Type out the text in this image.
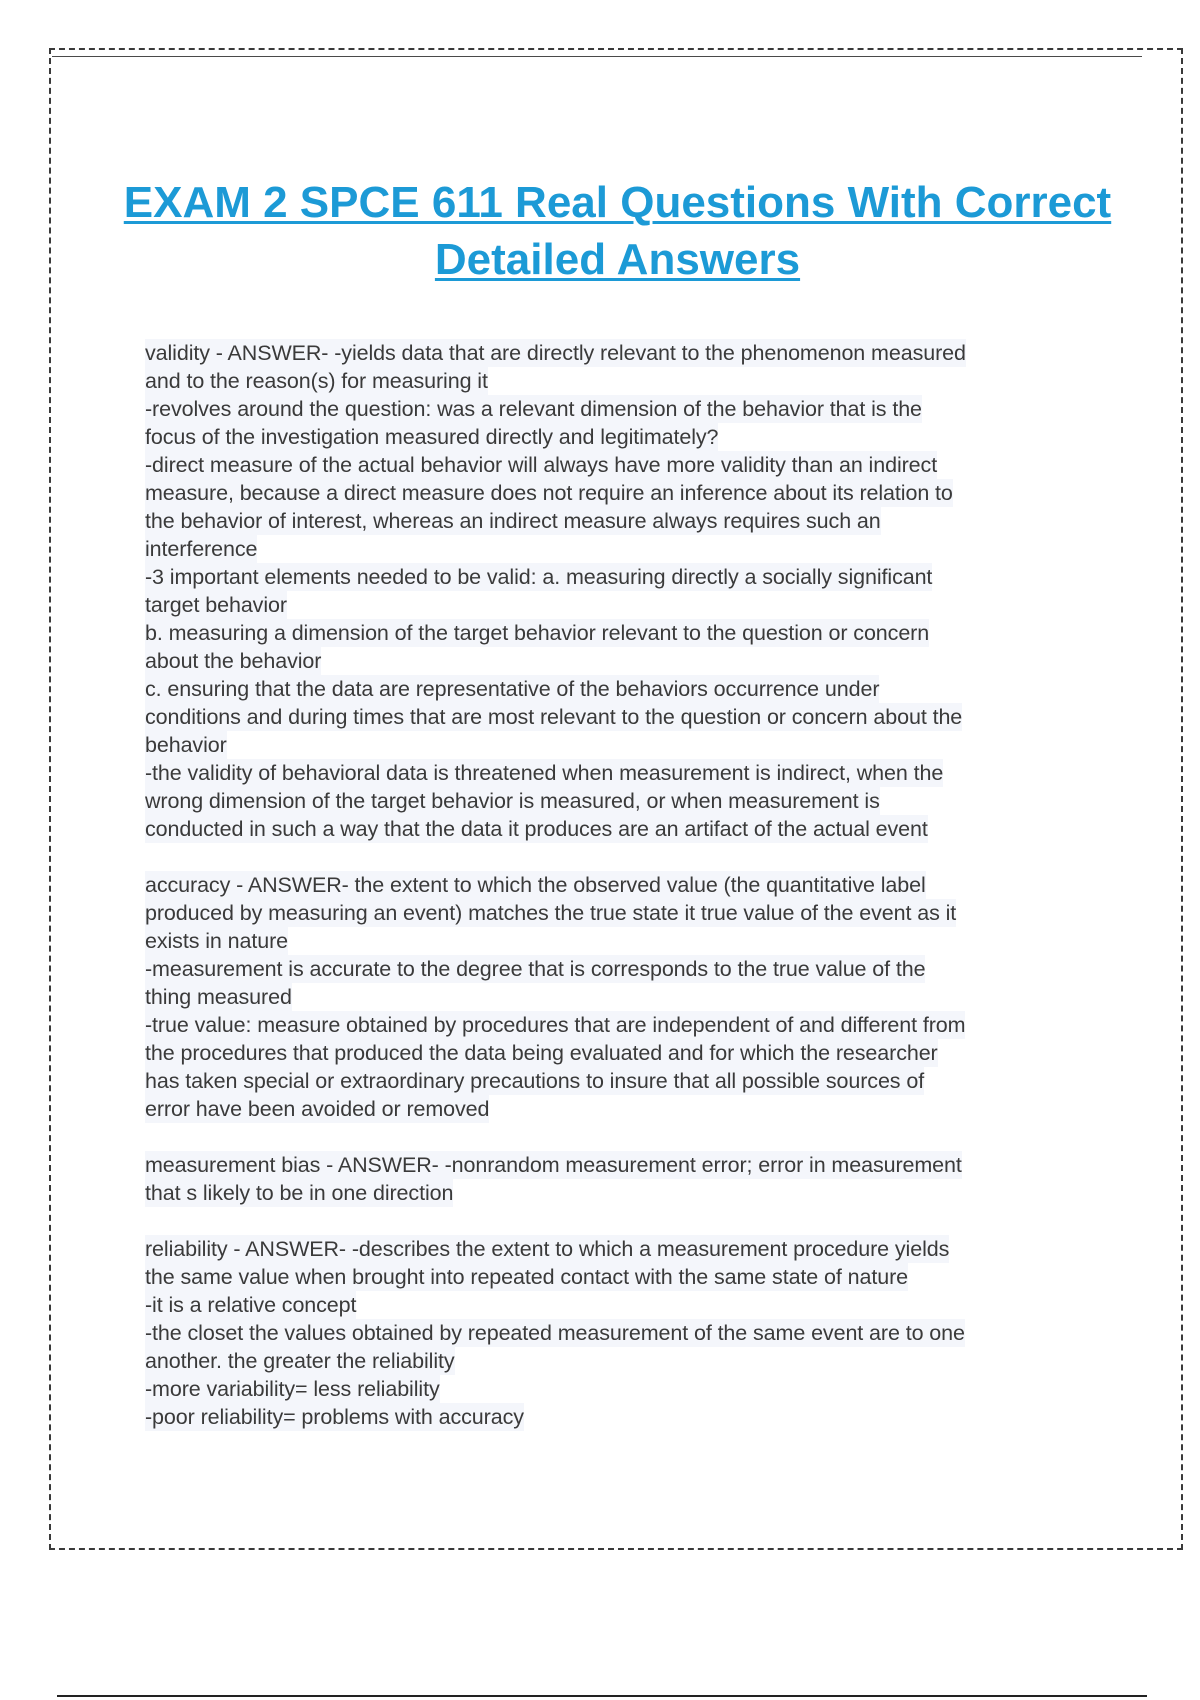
EXAM 2 SPCE 611 Real Questions With Correct Detailed Answers
validity - ANSWER- -yields data that are directly relevant to the phenomenon measured
and to the reason(s) for measuring it
-revolves around the question: was a relevant dimension of the behavior that is the
focus of the investigation measured directly and legitimately?
-direct measure of the actual behavior will always have more validity than an indirect
measure, because a direct measure does not require an inference about its relation to
the behavior of interest, whereas an indirect measure always requires such an
interference
-3 important elements needed to be valid: a. measuring directly a socially significant
target behavior
b. measuring a dimension of the target behavior relevant to the question or concern
about the behavior
c. ensuring that the data are representative of the behaviors occurrence under
conditions and during times that are most relevant to the question or concern about the
behavior
-the validity of behavioral data is threatened when measurement is indirect, when the
wrong dimension of the target behavior is measured, or when measurement is
conducted in such a way that the data it produces are an artifact of the actual event
accuracy - ANSWER- the extent to which the observed value (the quantitative label
produced by measuring an event) matches the true state it true value of the event as it
exists in nature
-measurement is accurate to the degree that is corresponds to the true value of the
thing measured
-true value: measure obtained by procedures that are independent of and different from
the procedures that produced the data being evaluated and for which the researcher
has taken special or extraordinary precautions to insure that all possible sources of
error have been avoided or removed
measurement bias - ANSWER- -nonrandom measurement error; error in measurement
that s likely to be in one direction
reliability - ANSWER- -describes the extent to which a measurement procedure yields
the same value when brought into repeated contact with the same state of nature
-it is a relative concept
-the closet the values obtained by repeated measurement of the same event are to one
another. the greater the reliability
-more variability= less reliability
-poor reliability= problems with accuracy
